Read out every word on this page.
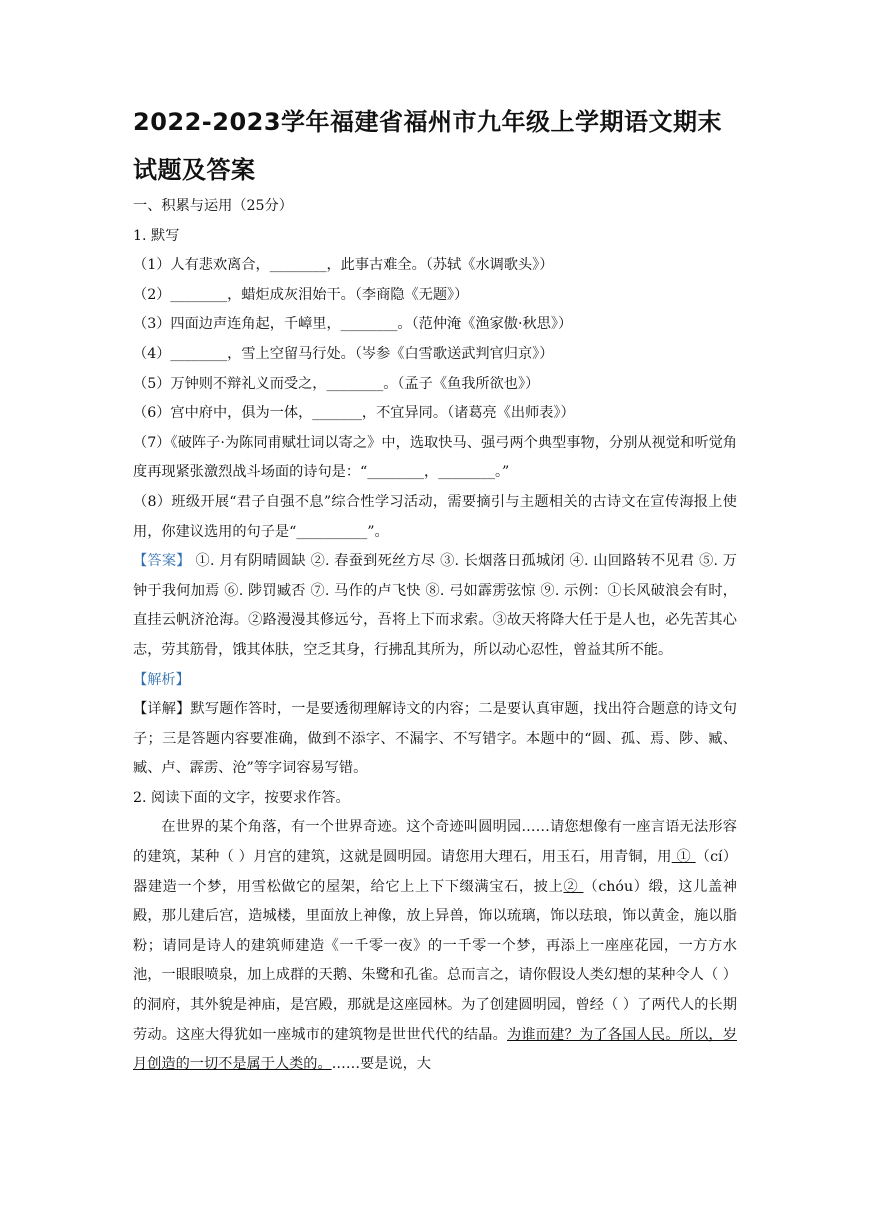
2022-2023学年福建省福州市九年级上学期语文期末试题及答案
一、积累与运用（25分）
1. 默写
（1）人有悲欢离合，________，此事古难全。（苏轼《水调歌头》）
（2）________，蜡炬成灰泪始干。（李商隐《无题》）
（3）四面边声连角起，千嶂里，________。（范仲淹《渔家傲·秋思》）
（4）________，雪上空留马行处。（岑参《白雪歌送武判官归京》）
（5）万钟则不辩礼义而受之，________。（孟子《鱼我所欲也》）
（6）宫中府中，俱为一体，_______，不宜异同。（诸葛亮《出师表》）
（7）《破阵子·为陈同甫赋壮词以寄之》中，选取快马、强弓两个典型事物，分别从视觉和听觉角度再现紧张激烈战斗场面的诗句是：“________，________。”
（8）班级开展“君子自强不息”综合性学习活动，需要摘引与主题相关的古诗文在宣传海报上使用，你建议选用的句子是“__________”。
【答案】 ①. 月有阴晴圆缺 ②. 春蚕到死丝方尽 ③. 长烟落日孤城闭 ④. 山回路转不见君 ⑤. 万钟于我何加焉 ⑥. 陟罚臧否 ⑦. 马作的卢飞快 ⑧. 弓如霹雳弦惊 ⑨. 示例：①长风破浪会有时，直挂云帆济沧海。②路漫漫其修远兮，吾将上下而求索。③故天将降大任于是人也，必先苦其心志，劳其筋骨，饿其体肤，空乏其身，行拂乱其所为，所以动心忍性，曾益其所不能。
【解析】
【详解】默写题作答时，一是要透彻理解诗文的内容；二是要认真审题，找出符合题意的诗文句子；三是答题内容要准确，做到不添字、不漏字、不写错字。本题中的“圆、孤、焉、陟、臧、臧、卢、霹雳、沧”等字词容易写错。
2. 阅读下面的文字，按要求作答。
在世界的某个角落，有一个世界奇迹。这个奇迹叫圆明园……请您想像有一座言语无法形容的建筑，某种（ ）月宫的建筑，这就是圆明园。请您用大理石，用玉石，用青铜，用 ① （cí）器建造一个梦，用雪松做它的屋架，给它上上下下缀满宝石，披上② （chóu）缎，这儿盖神殿，那儿建后宫，造城楼，里面放上神像，放上异兽，饰以琉璃，饰以珐琅，饰以黄金，施以脂粉；请同是诗人的建筑师建造《一千零一夜》的一千零一个梦，再添上一座座花园，一方方水池，一眼眼喷泉，加上成群的天鹅、朱鹭和孔雀。总而言之，请你假设人类幻想的某种令人（ ）的洞府，其外貌是神庙，是宫殿，那就是这座园林。为了创建圆明园，曾经（ ）了两代人的长期劳动。这座大得犹如一座城市的建筑物是世世代代的结晶。为谁而建？为了各国人民。所以，岁月创造的一切不是属于人类的。……要是说，大
